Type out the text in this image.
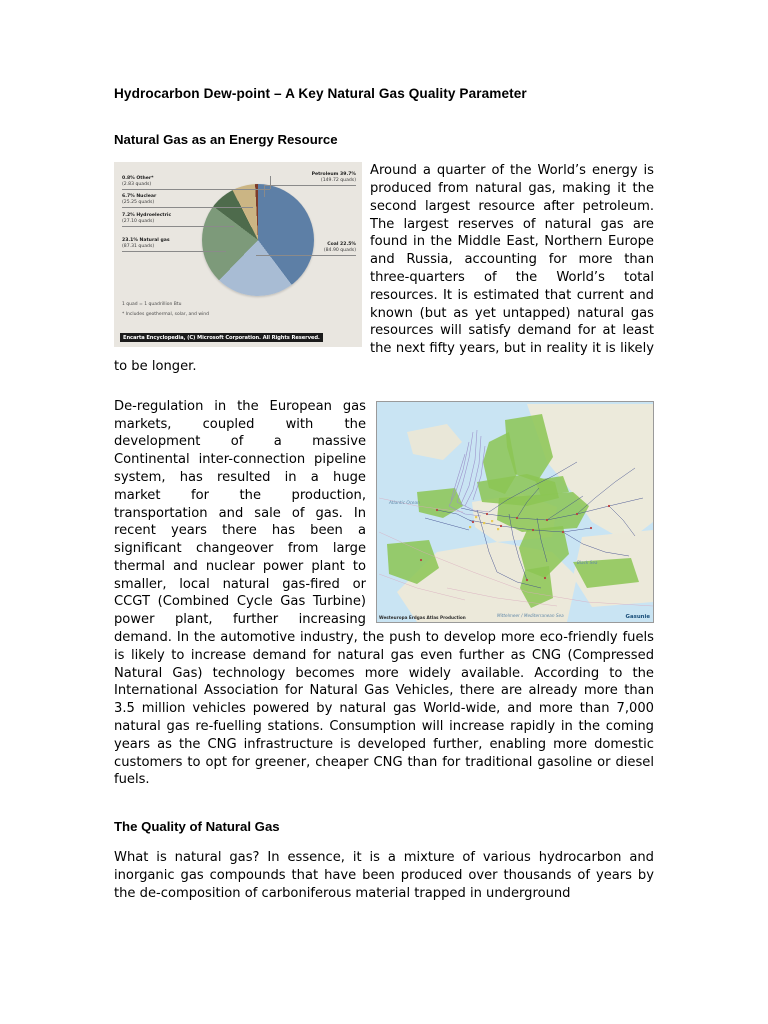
Hydrocarbon Dew-point – A Key Natural Gas Quality Parameter
Natural Gas as an Energy Resource
0.8% Other*
(2.83 quads)
6.7% Nuclear
(25.25 quads)
7.2% Hydroelectric
(27.10 quads)
23.1% Natural gas
(87.31 quads)
Petroleum 39.7%
(149.72 quads)
Coal 22.5%
(84.90 quads)
1 quad = 1 quadrillion Btu
* Includes geothermal, solar, and wind
Encarta Encyclopedia, (C) Microsoft Corporation. All Rights Reserved.

Around a quarter of the World’s energy is produced from natural gas, making it the second largest resource after petroleum. The largest reserves of natural gas are found in the Middle East, Northern Europe and Russia, accounting for more than three-quarters of the World’s total resources. It is estimated that current and known (but as yet untapped) natural gas resources will satisfy demand for at least the next fifty years, but in reality it is likely to be longer.

Atlantic Ocean
Black Sea
Mittelmeer / Mediterranean Sea
Westeuropa Erdgas Atlas Production	Gasunie

De-regulation in the European gas markets, coupled with the development of a massive Continental inter-connection pipeline system, has resulted in a huge market for the production, transportation and sale of gas. In recent years there has been a significant changeover from large thermal and nuclear power plant to smaller, local natural gas-fired or CCGT (Combined Cycle Gas Turbine) power plant, further increasing demand. In the automotive industry, the push to develop more eco-friendly fuels is likely to increase demand for natural gas even further as CNG (Compressed Natural Gas) technology becomes more widely available. According to the International Association for Natural Gas Vehicles, there are already more than 3.5 million vehicles powered by natural gas World-wide, and more than 7,000 natural gas re-fuelling stations. Consumption will increase rapidly in the coming years as the CNG infrastructure is developed further, enabling more domestic customers to opt for greener, cheaper CNG than for traditional gasoline or diesel fuels.

The Quality of Natural Gas

What is natural gas? In essence, it is a mixture of various hydrocarbon and inorganic gas compounds that have been produced over thousands of years by the de-composition of carboniferous material trapped in underground
